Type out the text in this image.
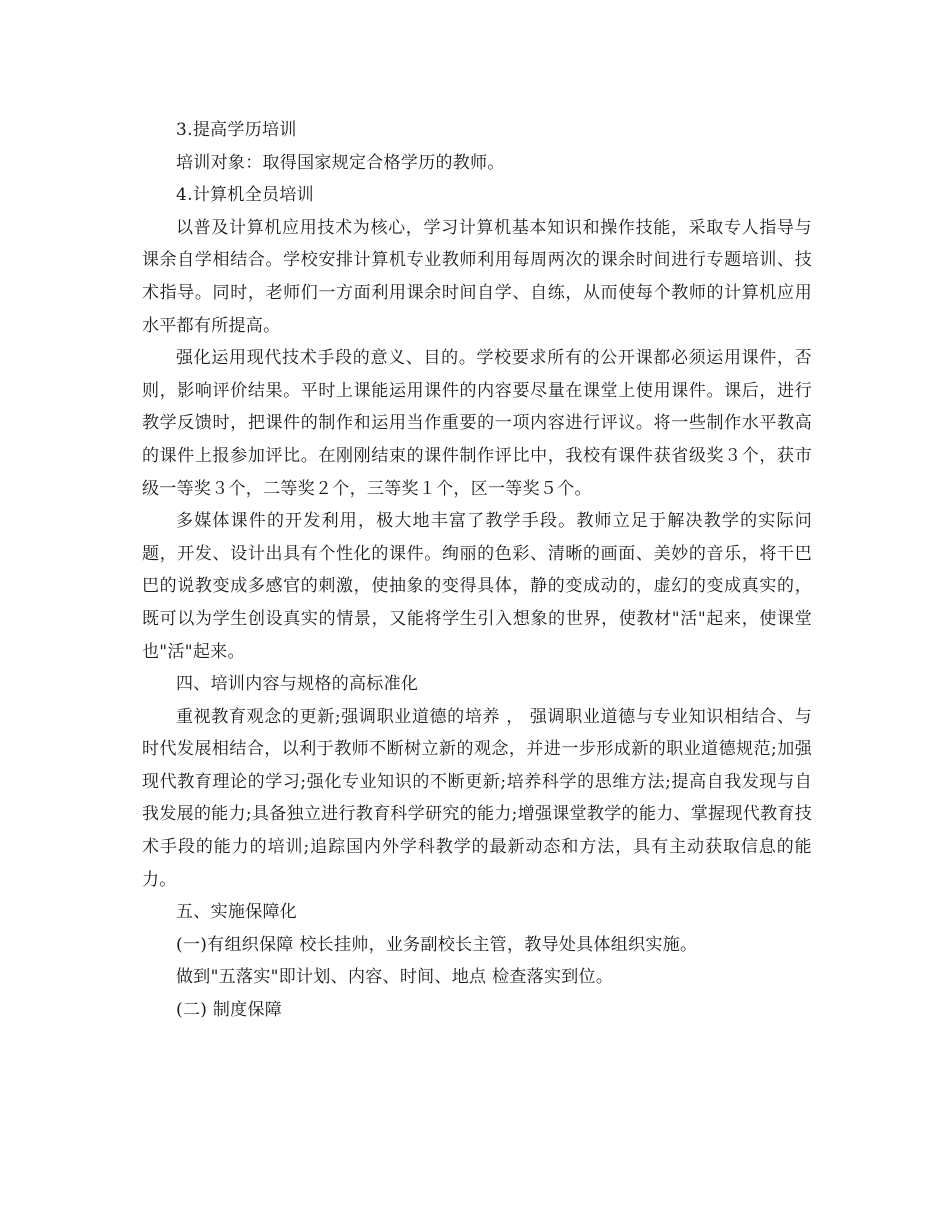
3.提高学历培训

培训对象：取得国家规定合格学历的教师。

4.计算机全员培训

以普及计算机应用技术为核心，学习计算机基本知识和操作技能，采取专人指导与课余自学相结合。学校安排计算机专业教师利用每周两次的课余时间进行专题培训、技术指导。同时，老师们一方面利用课余时间自学、自练，从而使每个教师的计算机应用水平都有所提高。

强化运用现代技术手段的意义、目的。学校要求所有的公开课都必须运用课件，否则，影响评价结果。平时上课能运用课件的内容要尽量在课堂上使用课件。课后，进行教学反馈时，把课件的制作和运用当作重要的一项内容进行评议。将一些制作水平教高的课件上报参加评比。在刚刚结束的课件制作评比中，我校有课件获省级奖３个，获市级一等奖３个，二等奖２个，三等奖１个，区一等奖５个。

多媒体课件的开发利用，极大地丰富了教学手段。教师立足于解决教学的实际问题，开发、设计出具有个性化的课件。绚丽的色彩、清晰的画面、美妙的音乐，将干巴巴的说教变成多感官的刺激，使抽象的变得具体，静的变成动的，虚幻的变成真实的，既可以为学生创设真实的情景，又能将学生引入想象的世界，使教材"活"起来，使课堂也"活"起来。

四、培训内容与规格的高标准化

重视教育观念的更新;强调职业道德的培养 ， 强调职业道德与专业知识相结合、与时代发展相结合，以利于教师不断树立新的观念，并进一步形成新的职业道德规范;加强现代教育理论的学习;强化专业知识的不断更新;培养科学的思维方法;提高自我发现与自我发展的能力;具备独立进行教育科学研究的能力;增强课堂教学的能力、掌握现代教育技术手段的能力的培训;追踪国内外学科教学的最新动态和方法，具有主动获取信息的能力。

五、实施保障化

(一)有组织保障 校长挂帅，业务副校长主管，教导处具体组织实施。

做到"五落实"即计划、内容、时间、地点 检查落实到位。

(二) 制度保障
